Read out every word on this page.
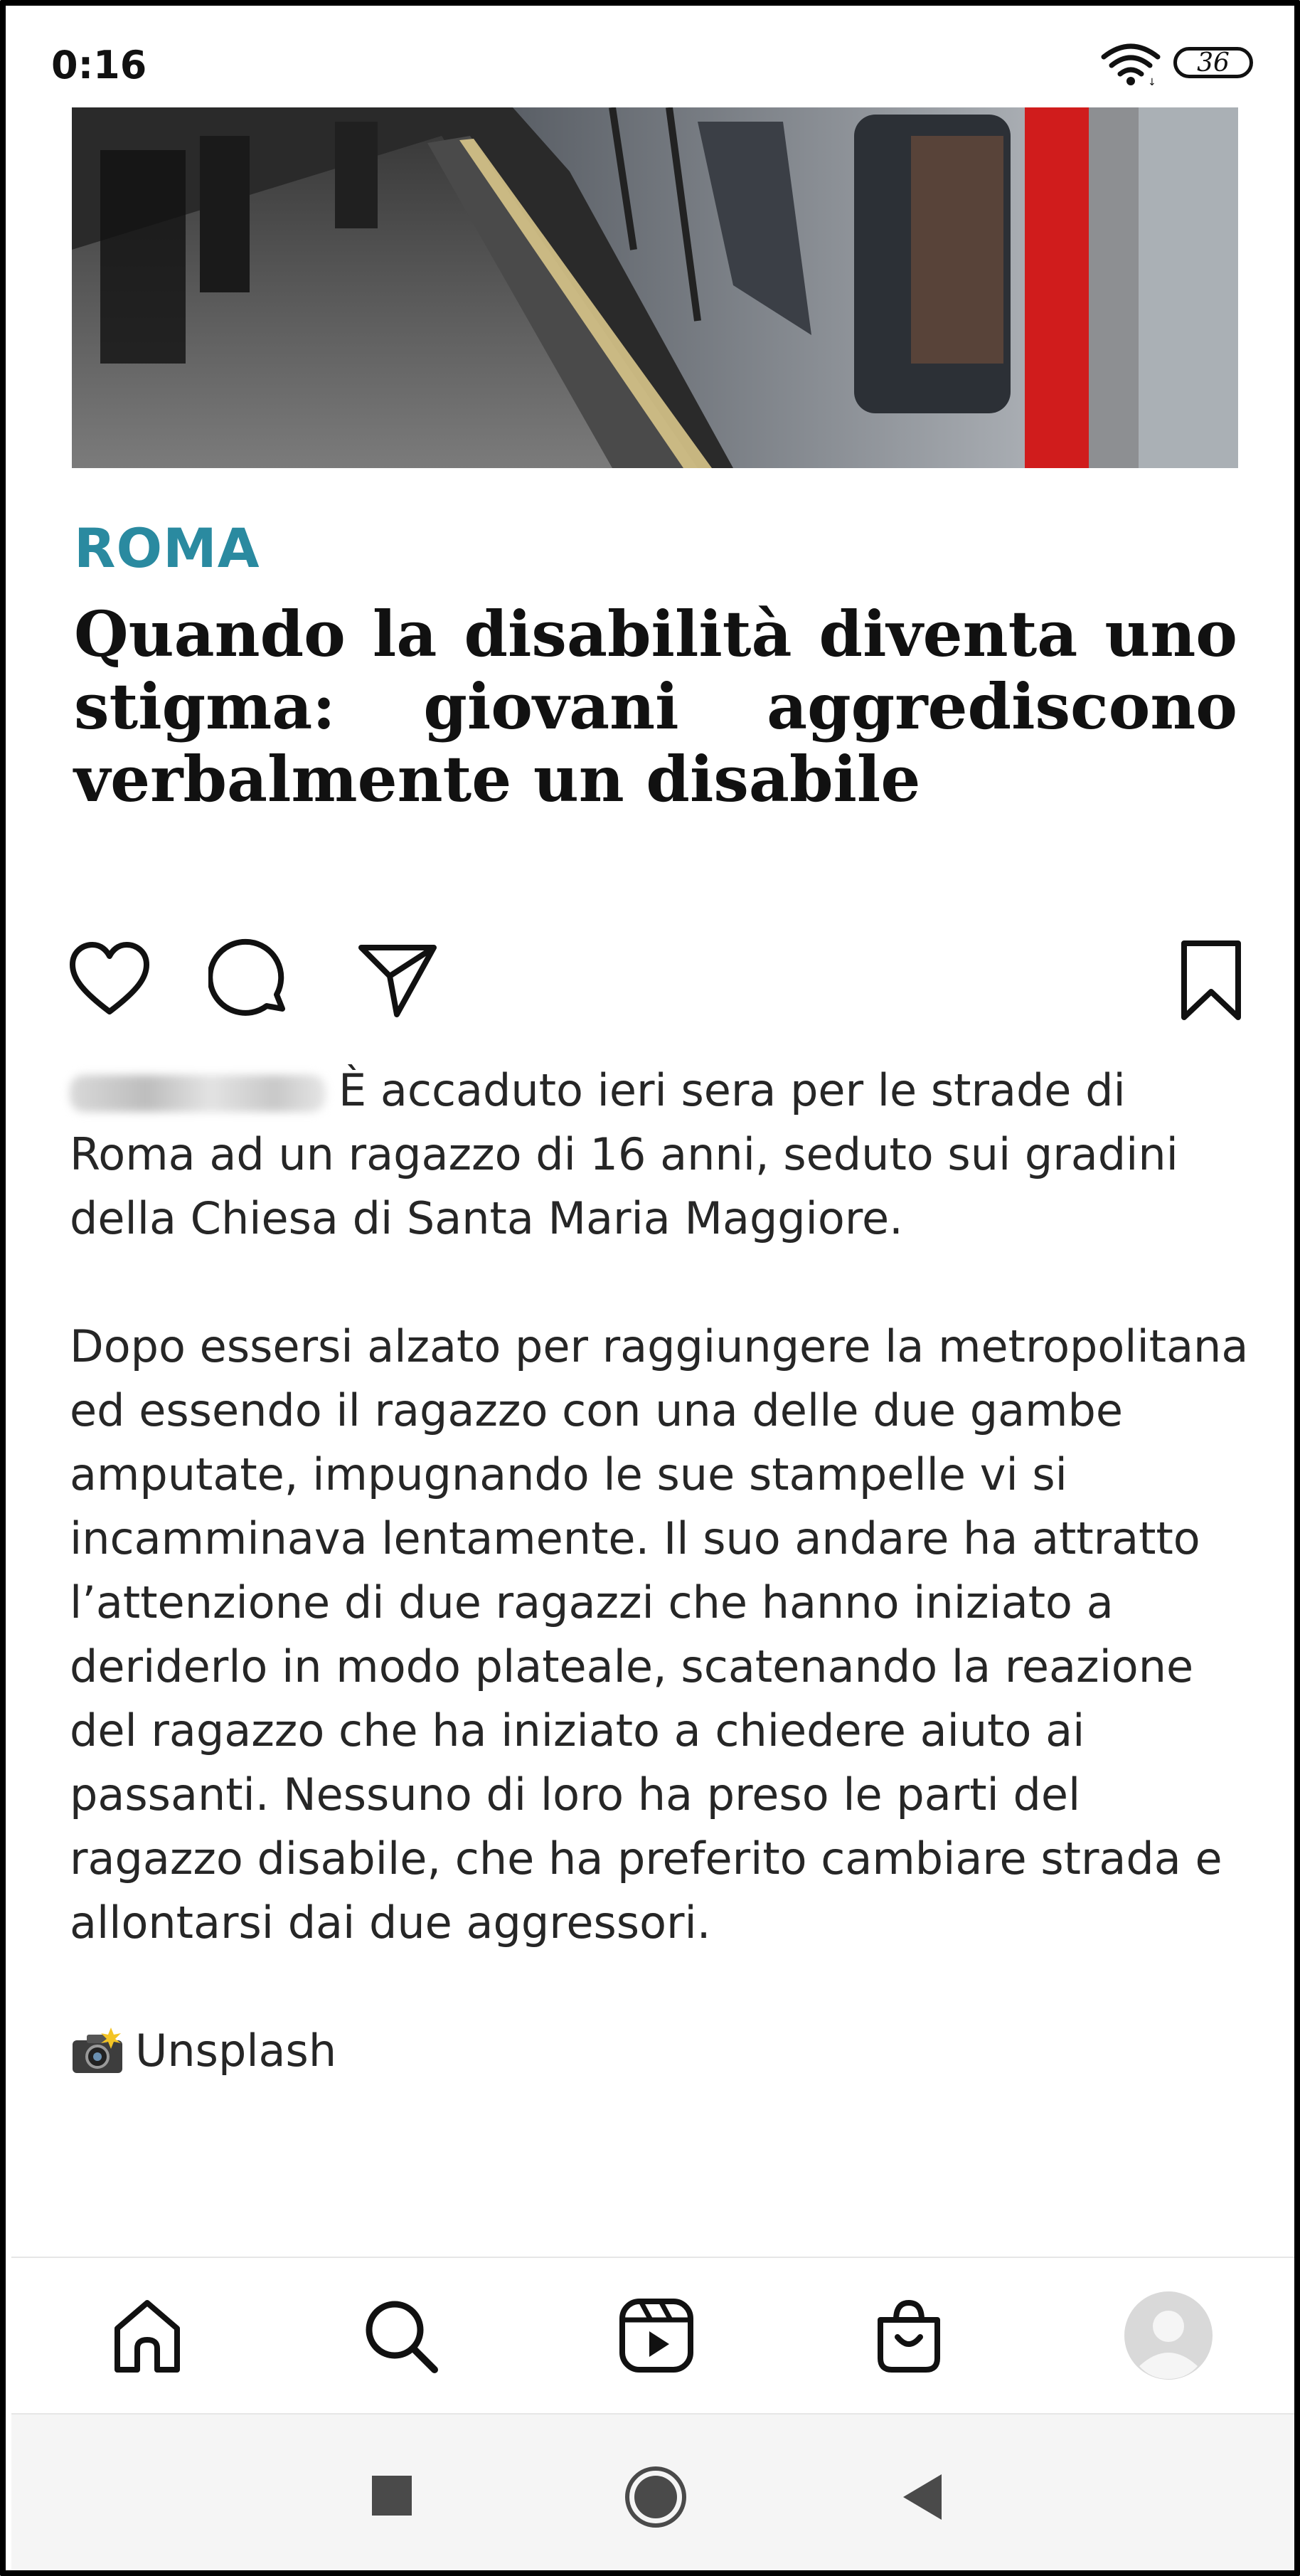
0:16	↓
36
ROMA
Quando la disabilità diventa uno
stigma: giovani aggrediscono
verbalmente un disabile

È accaduto ieri sera per le strade di Roma ad un ragazzo di 16 anni, seduto sui gradini della Chiesa di Santa Maria Maggiore.

Dopo essersi alzato per raggiungere la metropolitana ed essendo il ragazzo con una delle due gambe amputate, impugnando le sue stampelle vi si incamminava lentamente. Il suo andare ha attratto l’attenzione di due ragazzi che hanno iniziato a deriderlo in modo plateale, scatenando la reazione del ragazzo che ha iniziato a chiedere aiuto ai passanti. Nessuno di loro ha preso le parti del ragazzo disabile, che ha preferito cambiare strada e allontarsi dai due aggressori.

Unsplash
